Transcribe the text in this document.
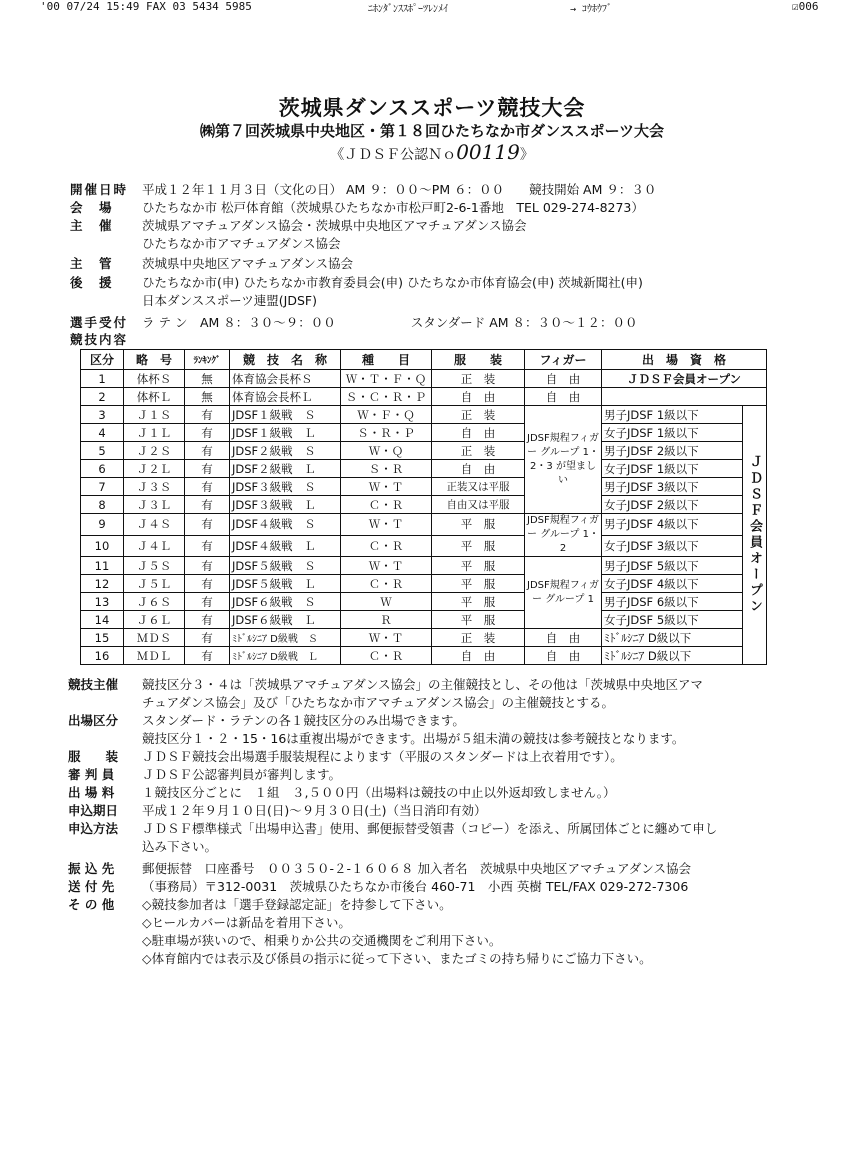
'00 07/24 15:49 FAX 03 5434 5985	ﾆﾎﾝﾀﾞﾝｽｽﾎﾟｰﾂﾚﾝﾒｲ	→ ｺｳﾎｳﾌﾞ	☑006
茨城県ダンススポーツ競技大会
㈱第７回茨城県中央地区・第１８回ひたちなか市ダンススポーツ大会
《ＪＤＳＦ公認Ｎｏ00119》
開催日時 平成１２年１１月３日（文化の日） AM ９：００～PM ６：００　　競技開始 AM ９：３０
会　場 ひたちなか市 松戸体育館（茨城県ひたちなか市松戸町2-6-1番地　TEL 029-274-8273）
主　催 茨城県アマチュアダンス協会・茨城県中央地区アマチュアダンス協会
ひたちなか市アマチュアダンス協会
主　管 茨城県中央地区アマチュアダンス協会
後　援 ひたちなか市(申) ひたちなか市教育委員会(申) ひたちなか市体育協会(申) 茨城新聞社(申)
日本ダンススポーツ連盟(JDSF)
選手受付 ラ テ ン　AM ８：３０～９：００　　　　　　スタンダード AM ８：３０～１２：００
競技内容
区分	略　号	ﾗﾝｷﾝｸﾞ	競　技　名　称	種　　目	服　　装	フィガー	出　場　資　格	
1	体杯Ｓ	無	体育協会長杯Ｓ	Ｗ・Ｔ・Ｆ・Ｑ	正　装	自　由	ＪＤＳＦ会員オープン	
2	体杯Ｌ	無	体育協会長杯Ｌ	Ｓ・Ｃ・Ｒ・Ｐ	自　由	自　由		
3	Ｊ１Ｓ	有	JDSF１級戦　Ｓ	Ｗ・Ｆ・Ｑ	正　装	JDSF規程フィガー グループ 1・2・3 が望ましい	男子JDSF 1級以下	ＪＤＳＦ会員オープン
4	Ｊ１Ｌ	有	JDSF１級戦　Ｌ	Ｓ・Ｒ・Ｐ	自　由		女子JDSF 1級以下	
5	Ｊ２Ｓ	有	JDSF２級戦　Ｓ	Ｗ・Ｑ	正　装		男子JDSF 2級以下	
6	Ｊ２Ｌ	有	JDSF２級戦　Ｌ	Ｓ・Ｒ	自　由		女子JDSF 1級以下	
7	Ｊ３Ｓ	有	JDSF３級戦　Ｓ	Ｗ・Ｔ	正装又は平服		男子JDSF 3級以下	
8	Ｊ３Ｌ	有	JDSF３級戦　Ｌ	Ｃ・Ｒ	自由又は平服		女子JDSF 2級以下	
9	Ｊ４Ｓ	有	JDSF４級戦　Ｓ	Ｗ・Ｔ	平　服	JDSF規程フィガー グループ 1・2	男子JDSF 4級以下	
10	Ｊ４Ｌ	有	JDSF４級戦　Ｌ	Ｃ・Ｒ	平　服		女子JDSF 3級以下	
11	Ｊ５Ｓ	有	JDSF５級戦　Ｓ	Ｗ・Ｔ	平　服	JDSF規程フィガー グループ 1	男子JDSF 5級以下	
12	Ｊ５Ｌ	有	JDSF５級戦　Ｌ	Ｃ・Ｒ	平　服		女子JDSF 4級以下	
13	Ｊ６Ｓ	有	JDSF６級戦　Ｓ	Ｗ	平　服		男子JDSF 6級以下	
14	Ｊ６Ｌ	有	JDSF６級戦　Ｌ	Ｒ	平　服		女子JDSF 5級以下	
15	ＭＤＳ	有	ﾐﾄﾞﾙｼﾆｱ D級戦　Ｓ	Ｗ・Ｔ	正　装	自　由	ﾐﾄﾞﾙｼﾆｱ D級以下	
16	ＭＤＬ	有	ﾐﾄﾞﾙｼﾆｱ D級戦　Ｌ	Ｃ・Ｒ	自　由	自　由	ﾐﾄﾞﾙｼﾆｱ D級以下	
競技主催	競技区分３・４は「茨城県アマチュアダンス協会」の主催競技とし、その他は「茨城県中央地区アマ
チュアダンス協会」及び「ひたちなか市アマチュアダンス協会」の主催競技とする。
出場区分	スタンダード・ラテンの各１競技区分のみ出場できます。
競技区分１・２・15・16は重複出場ができます。出場が５組未満の競技は参考競技となります。
服　　装	ＪＤＳＦ競技会出場選手服装規程によります（平服のスタンダードは上衣着用です）。
審 判 員	ＪＤＳＦ公認審判員が審判します。
出 場 料	１競技区分ごとに　１組　３,５００円（出場料は競技の中止以外返却致しません。）
申込期日	平成１２年９月１０日(日)～９月３０日(土)（当日消印有効）
申込方法	ＪＤＳＦ標準様式「出場申込書」使用、郵便振替受領書（コピー）を添え、所属団体ごとに纏めて申し
込み下さい。
振 込 先	郵便振替　口座番号　００３５０-２-１６０６８ 加入者名　茨城県中央地区アマチュアダンス協会
送 付 先	（事務局）〒312-0031　茨城県ひたちなか市後台 460-71　小西 英樹 TEL/FAX 029-272-7306
そ の 他	◇競技参加者は「選手登録認定証」を持参して下さい。
◇ヒールカバーは新品を着用下さい。
◇駐車場が狭いので、相乗りか公共の交通機関をご利用下さい。
◇体育館内では表示及び係員の指示に従って下さい、またゴミの持ち帰りにご協力下さい。
